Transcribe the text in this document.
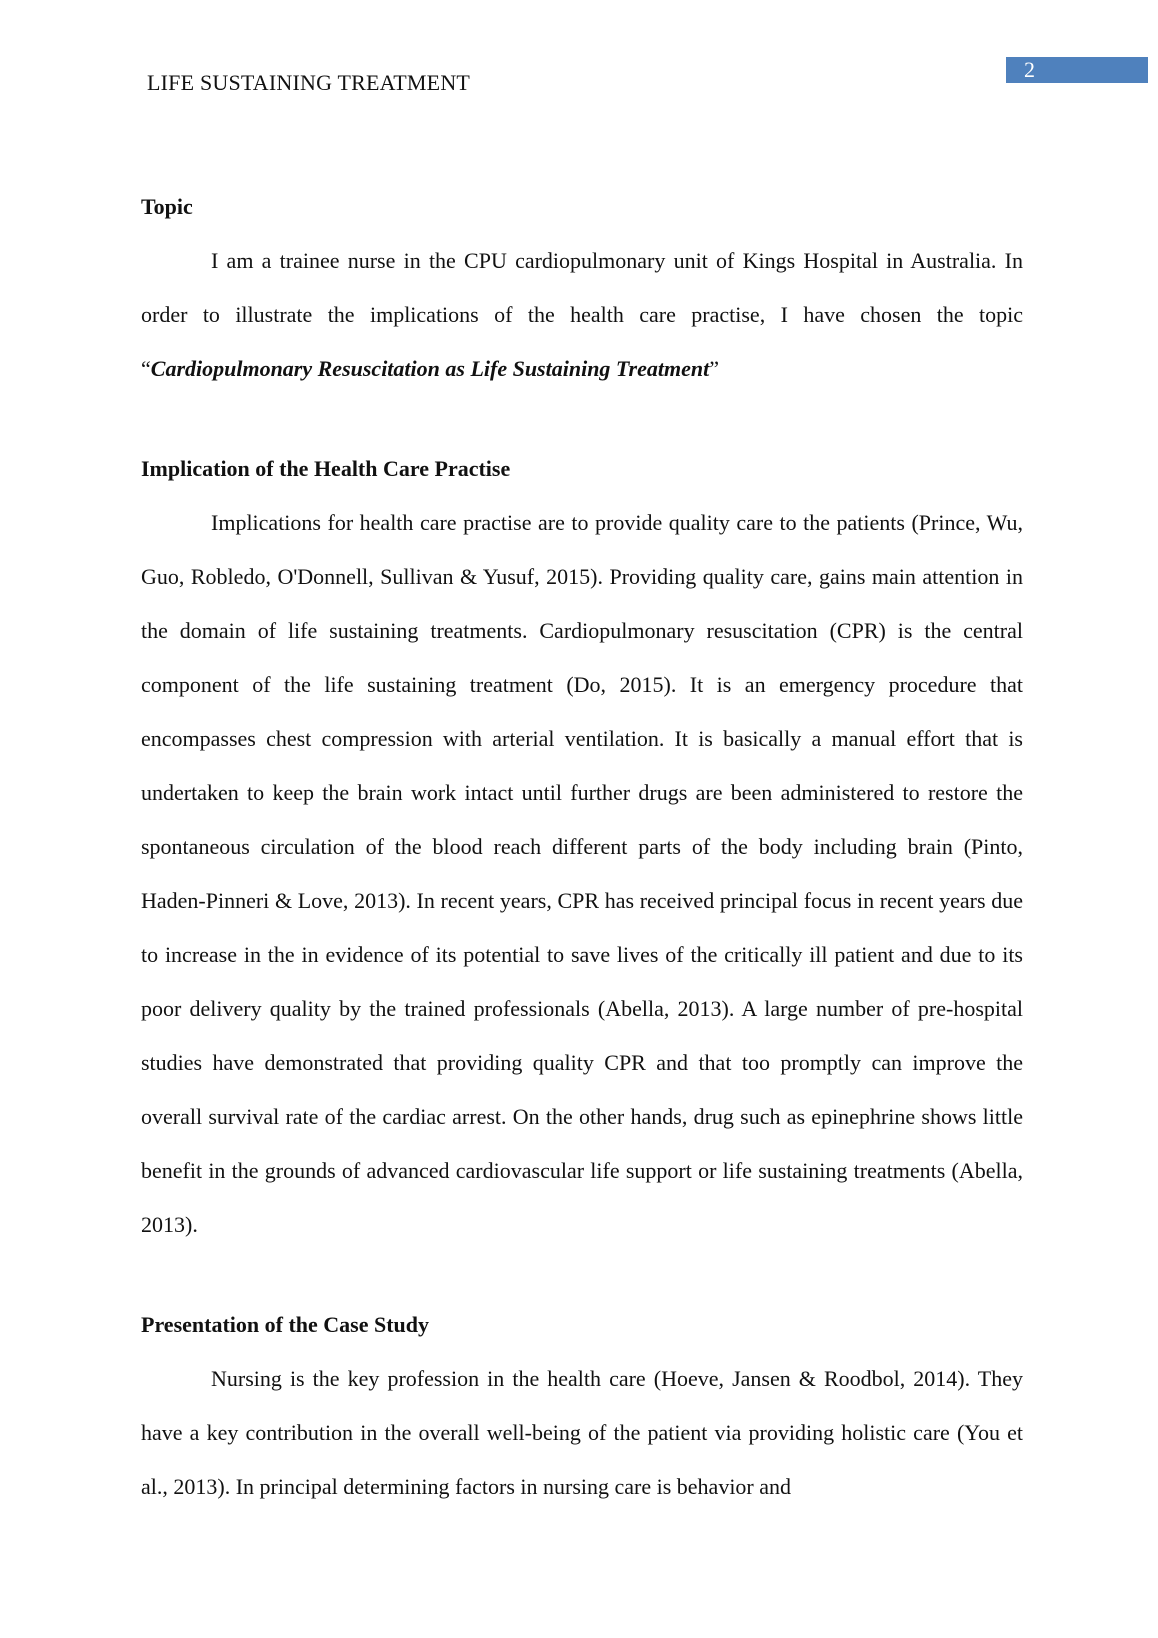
2
LIFE SUSTAINING TREATMENT
Topic

I am a trainee nurse in the CPU cardiopulmonary unit of Kings Hospital in Australia. In order to illustrate the implications of the health care practise, I have chosen the topic “Cardiopulmonary Resuscitation as Life Sustaining Treatment”

Implication of the Health Care Practise

Implications for health care practise are to provide quality care to the patients (Prince, Wu, Guo, Robledo, O'Donnell, Sullivan & Yusuf, 2015). Providing quality care, gains main attention in the domain of life sustaining treatments. Cardiopulmonary resuscitation (CPR) is the central component of the life sustaining treatment (Do, 2015). It is an emergency procedure that encompasses chest compression with arterial ventilation. It is basically a manual effort that is undertaken to keep the brain work intact until further drugs are been administered to restore the spontaneous circulation of the blood reach different parts of the body including brain (Pinto, Haden-Pinneri & Love, 2013). In recent years, CPR has received principal focus in recent years due to increase in the in evidence of its potential to save lives of the critically ill patient and due to its poor delivery quality by the trained professionals (Abella, 2013). A large number of pre-hospital studies have demonstrated that providing quality CPR and that too promptly can improve the overall survival rate of the cardiac arrest. On the other hands, drug such as epinephrine shows little benefit in the grounds of advanced cardiovascular life support or life sustaining treatments (Abella, 2013).

Presentation of the Case Study

Nursing is the key profession in the health care (Hoeve, Jansen & Roodbol, 2014). They have a key contribution in the overall well-being of the patient via providing holistic care (You et al., 2013). In principal determining factors in nursing care is behavior and
